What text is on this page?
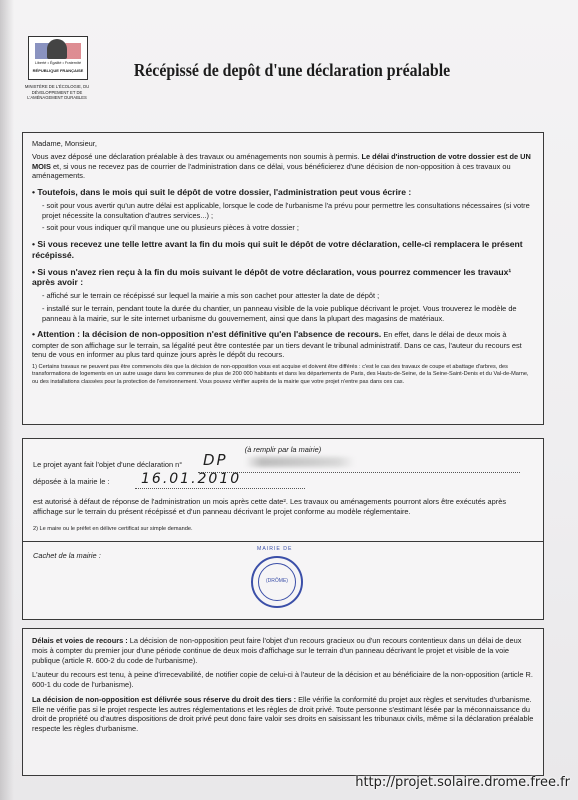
Liberté • Égalité • Fraternité
RÉPUBLIQUE FRANÇAISE
MINISTÈRE DE L'ÉCOLOGIE, DU DÉVELOPPEMENT ET DE L'AMÉNAGEMENT DURABLES
Récépissé de depôt d'une déclaration préalable

Madame, Monsieur,

Vous avez déposé une déclaration préalable à des travaux ou aménagements non soumis à permis. Le délai d'instruction de votre dossier est de UN MOIS et, si vous ne recevez pas de courrier de l'administration dans ce délai, vous bénéficierez d'une décision de non-opposition à ces travaux ou aménagements.

• Toutefois, dans le mois qui suit le dépôt de votre dossier, l'administration peut vous écrire :

- soit pour vous avertir qu'un autre délai est applicable, lorsque le code de l'urbanisme l'a prévu pour permettre les consultations nécessaires (si votre projet nécessite la consultation d'autres services...) ;

- soit pour vous indiquer qu'il manque une ou plusieurs pièces à votre dossier ;

• Si vous recevez une telle lettre avant la fin du mois qui suit le dépôt de votre déclaration, celle-ci remplacera le présent récépissé.

• Si vous n'avez rien reçu à la fin du mois suivant le dépôt de votre déclaration, vous pourrez commencer les travaux¹ après avoir :

- affiché sur le terrain ce récépissé sur lequel la mairie a mis son cachet pour attester la date de dépôt ;

- installé sur le terrain, pendant toute la durée du chantier, un panneau visible de la voie publique décrivant le projet. Vous trouverez le modèle de panneau à la mairie, sur le site internet urbanisme du gouvernement, ainsi que dans la plupart des magasins de matériaux.

• Attention : la décision de non-opposition n'est définitive qu'en l'absence de recours. En effet, dans le délai de deux mois à compter de son affichage sur le terrain, sa légalité peut être contestée par un tiers devant le tribunal administratif. Dans ce cas, l'auteur du recours est tenu de vous en informer au plus tard quinze jours après le dépôt du recours.

1) Certains travaux ne peuvent pas être commencés dès que la décision de non-opposition vous est acquise et doivent être différés : c'est le cas des travaux de coupe et abattage d'arbres, des transformations de logements en un autre usage dans les communes de plus de 200 000 habitants et dans les départements de Paris, des Hauts-de-Seine, de la Seine-Saint-Denis et du Val-de-Marne, ou des installations classées pour la protection de l'environnement. Vous pouvez vérifier auprès de la mairie que votre projet n'entre pas dans ces cas.

(à remplir par la mairie)
Le projet ayant fait l'objet d'une déclaration n°	DP
déposée à la mairie le : 16.01.2010
est autorisé à défaut de réponse de l'administration un mois après cette date². Les travaux ou aménagements pourront alors être exécutés après affichage sur le terrain du présent récépissé et d'un panneau décrivant le projet conforme au modèle réglementaire.
2) Le maire ou le préfet en délivre certificat sur simple demande.
Cachet de la mairie :
MAIRIE DE
(DRÔME)

Délais et voies de recours : La décision de non-opposition peut faire l'objet d'un recours gracieux ou d'un recours contentieux dans un délai de deux mois à compter du premier jour d'une période continue de deux mois d'affichage sur le terrain d'un panneau décrivant le projet et visible de la voie publique (article R. 600-2 du code de l'urbanisme).

L'auteur du recours est tenu, à peine d'irrecevabilité, de notifier copie de celui-ci à l'auteur de la décision et au bénéficiaire de la non-opposition (article R. 600-1 du code de l'urbanisme).

La décision de non-opposition est délivrée sous réserve du droit des tiers : Elle vérifie la conformité du projet aux règles et servitudes d'urbanisme. Elle ne vérifie pas si le projet respecte les autres réglementations et les règles de droit privé. Toute personne s'estimant lésée par la méconnaissance du droit de propriété ou d'autres dispositions de droit privé peut donc faire valoir ses droits en saisissant les tribunaux civils, même si la déclaration préalable respecte les règles d'urbanisme.

http://projet.solaire.drome.free.fr
